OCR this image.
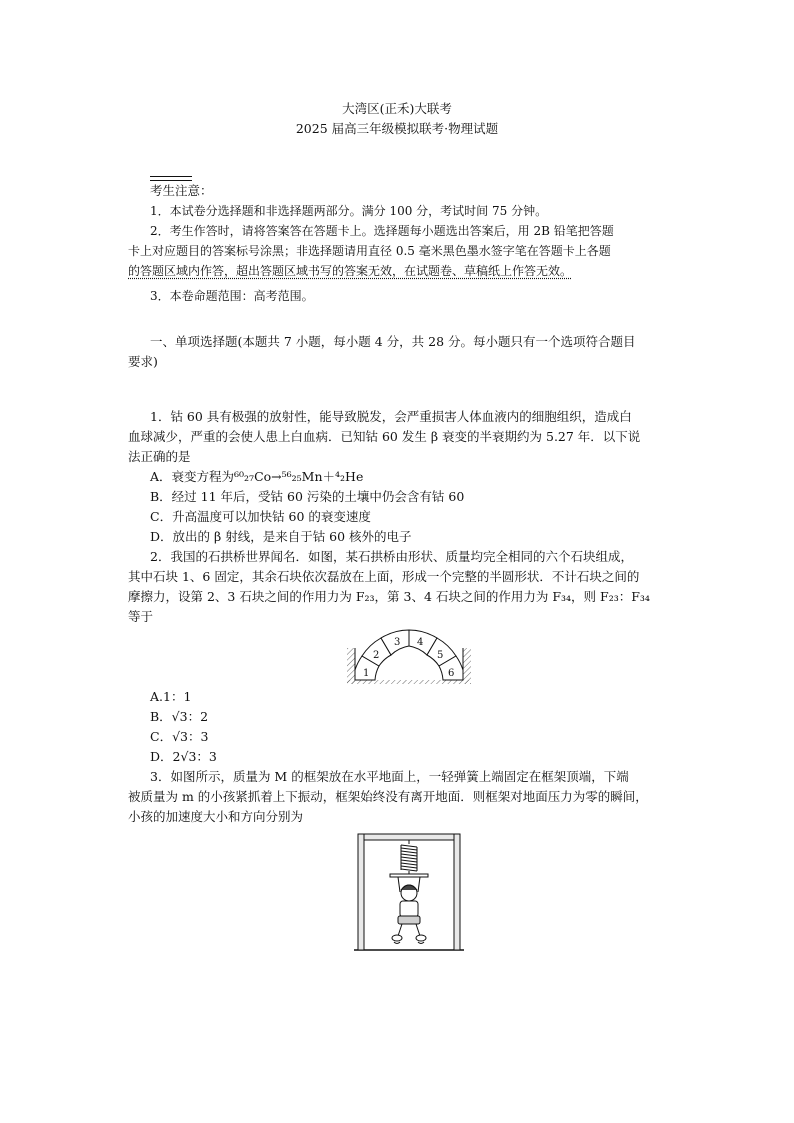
大湾区(正禾)大联考
2025 届高三年级模拟联考·物理试题
考生注意：
1．本试卷分选择题和非选择题两部分。满分 100 分，考试时间 75 分钟。
2．考生作答时，请将答案答在答题卡上。选择题每小题选出答案后，用 2B 铅笔把答题
卡上对应题目的答案标号涂黑；非选择题请用直径 0.5 毫米黑色墨水签字笔在答题卡上各题
的答题区域内作答，超出答题区域书写的答案无效，在试题卷、草稿纸上作答无效。
3．本卷命题范围：高考范围。
一、单项选择题(本题共 7 小题，每小题 4 分，共 28 分。每小题只有一个选项符合题目
要求)
1．钴 60 具有极强的放射性，能导致脱发，会严重损害人体血液内的细胞组织，造成白
血球减少，严重的会使人患上白血病．已知钴 60 发生 β 衰变的半衰期约为 5.27 年．以下说
法正确的是
A．衰变方程为⁶⁰₂₇Co→⁵⁶₂₅Mn＋⁴₂He
B．经过 11 年后，受钴 60 污染的土壤中仍会含有钴 60
C．升高温度可以加快钴 60 的衰变速度
D．放出的 β 射线，是来自于钴 60 核外的电子
2．我国的石拱桥世界闻名．如图，某石拱桥由形状、质量均完全相同的六个石块组成，
其中石块 1、6 固定，其余石块依次磊放在上面，形成一个完整的半圆形状．不计石块之间的
摩擦力，设第 2、3 石块之间的作用力为 F₂₃，第 3、4 石块之间的作用力为 F₃₄，则 F₂₃：F₃₄
等于
1
2
3 4
5
6
A.1：1
B．√3：2
C．√3：3
D．2√3：3
3．如图所示，质量为 M 的框架放在水平地面上，一轻弹簧上端固定在框架顶端，下端
被质量为 m 的小孩紧抓着上下振动，框架始终没有离开地面．则框架对地面压力为零的瞬间，
小孩的加速度大小和方向分别为
